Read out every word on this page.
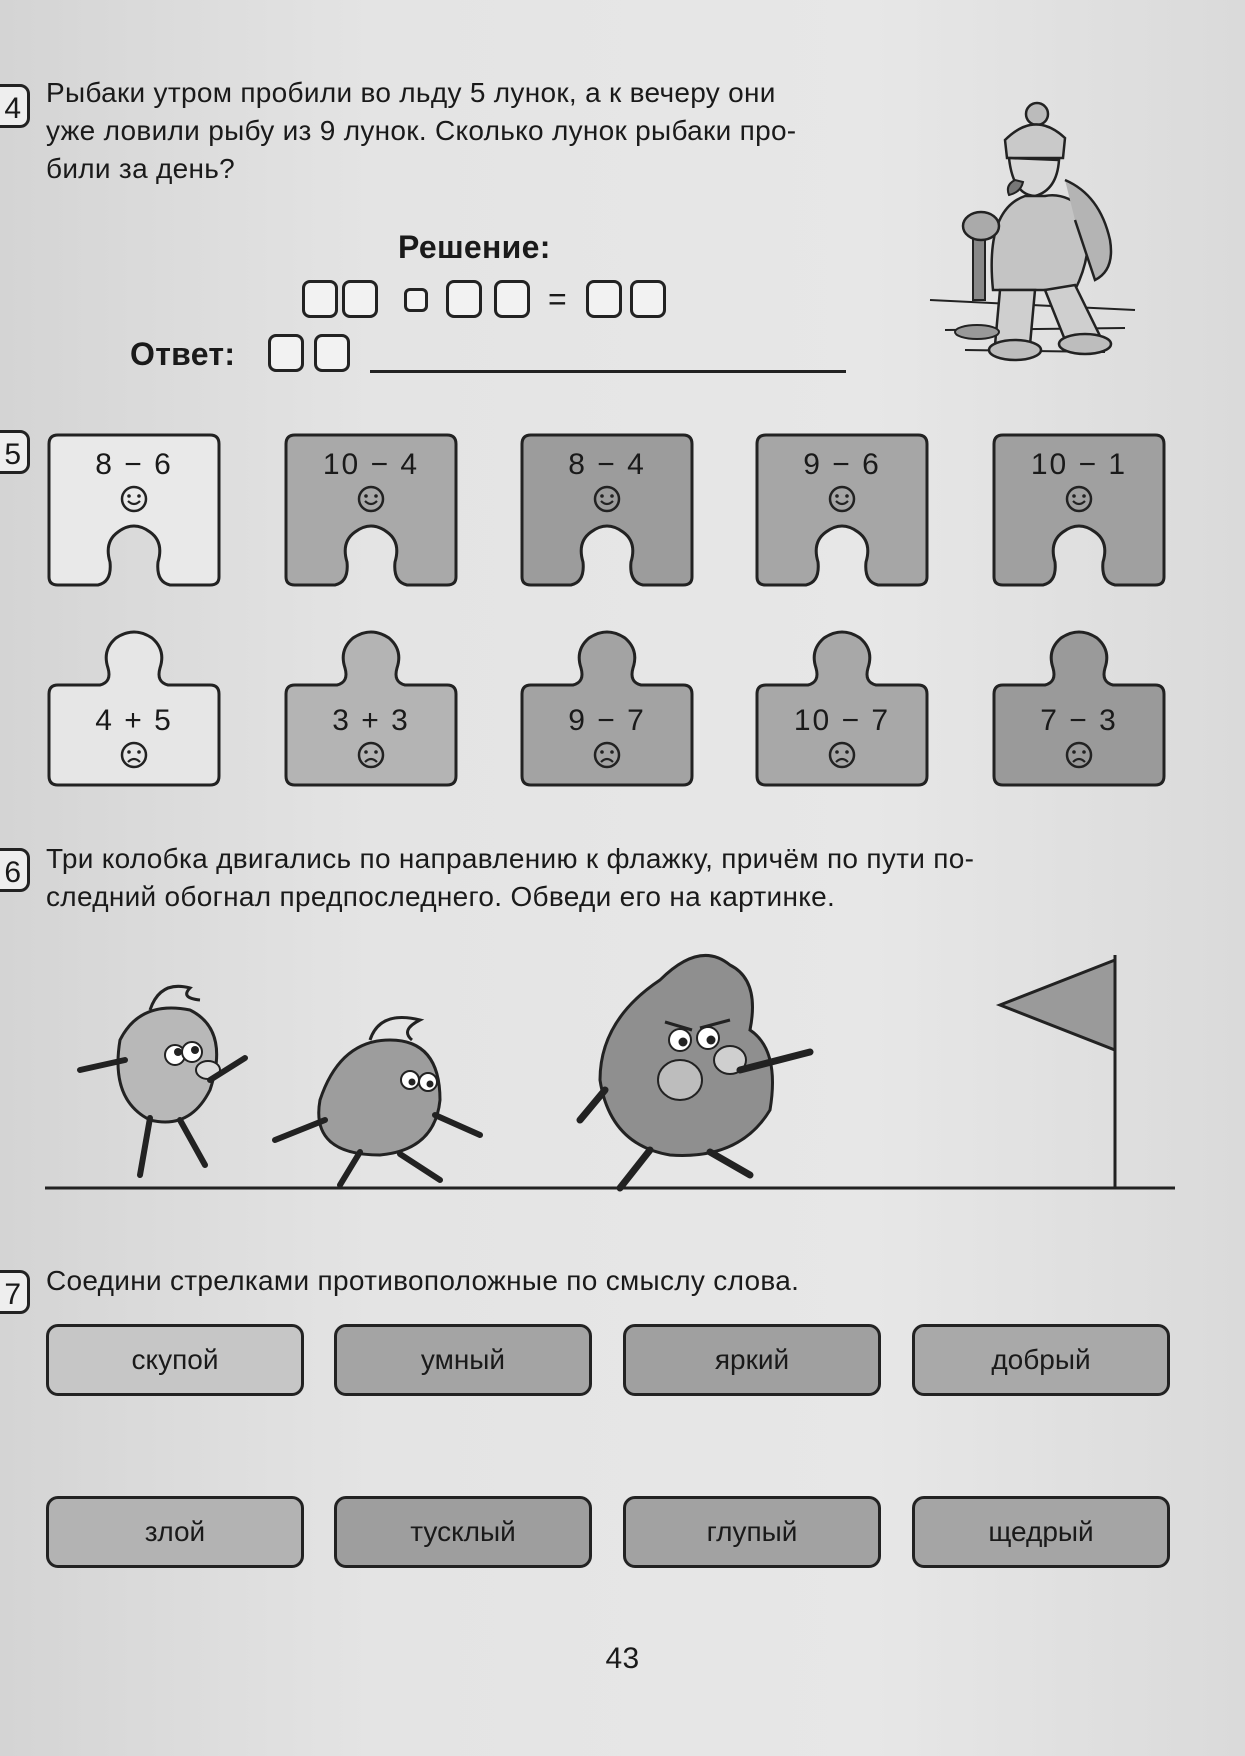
4 Рыбаки утром пробили во льду 5 лунок, а к вечеру они
уже ловили рыбу из 9 лунок. Сколько лунок рыбаки про-
били за день?
Решение:
=
Ответ:
5	8 − 6	10 − 4	8 − 4	9 − 6	10 − 1
4 + 5	3 + 3	9 − 7	10 − 7	7 − 3
6 Три колобка двигались по направлению к флажку, причём по пути по-
следний обогнал предпоследнего. Обведи его на картинке.
7 Соедини стрелками противоположные по смыслу слова.
скупой	умный	яркий	добрый
злой	тусклый	глупый	щедрый
43
